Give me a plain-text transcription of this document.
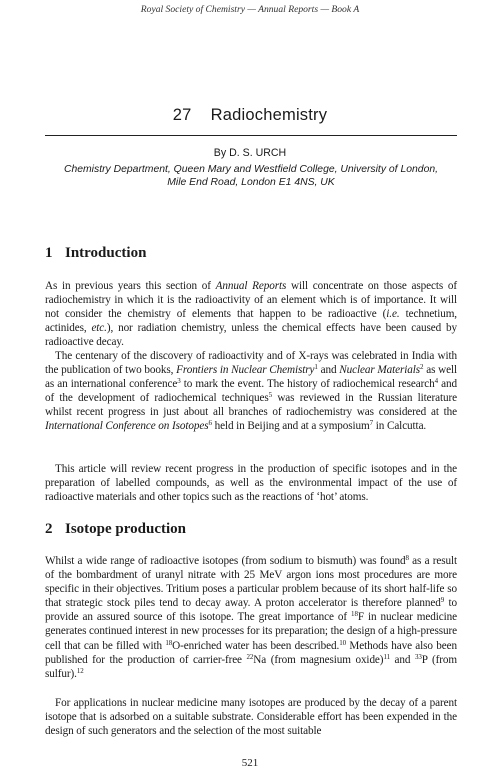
Royal Society of Chemistry — Annual Reports — Book A
27    Radiochemistry
By D. S. URCH
Chemistry Department, Queen Mary and Westfield College, University of London,
Mile End Road, London E1 4NS, UK
1 Introduction

As in previous years this section of Annual Reports will concentrate on those aspects of radiochemistry in which it is the radioactivity of an element which is of importance. It will not consider the chemistry of elements that happen to be radioactive (i.e. technetium, actinides, etc.), nor radiation chemistry, unless the chemical effects have been caused by radioactive decay.

The centenary of the discovery of radioactivity and of X-rays was celebrated in India with the publication of two books, Frontiers in Nuclear Chemistry$^1$ and Nuclear Materials$^2$ as well as an international conference$^3$ to mark the event. The history of radiochemical research$^4$ and of the development of radiochemical techniques$^5$ was reviewed in the Russian literature whilst recent progress in just about all branches of radiochemistry was considered at the International Conference on Isotopes$^6$ held in Beijing and at a symposium$^7$ in Calcutta.

This article will review recent progress in the production of specific isotopes and in the preparation of labelled compounds, as well as the environmental impact of the use of radioactive materials and other topics such as the reactions of ‘hot’ atoms.

2 Isotope production

Whilst a wide range of radioactive isotopes (from sodium to bismuth) was found$^8$ as a result of the bombardment of uranyl nitrate with 25 MeV argon ions most procedures are more specific in their objectives. Tritium poses a particular problem because of its short half-life so that strategic stock piles tend to decay away. A proton accelerator is therefore planned$^9$ to provide an assured source of this isotope. The great importance of $^{18}$F in nuclear medicine generates continued interest in new processes for its preparation; the design of a high-pressure cell that can be filled with $^{18}$O-enriched water has been described.$^{10}$ Methods have also been published for the production of carrier-free $^{22}$Na (from magnesium oxide)$^{11}$ and $^{33}$P (from sulfur).$^{12}$

For applications in nuclear medicine many isotopes are produced by the decay of a parent isotope that is adsorbed on a suitable substrate. Considerable effort has been expended in the design of such generators and the selection of the most suitable

521
